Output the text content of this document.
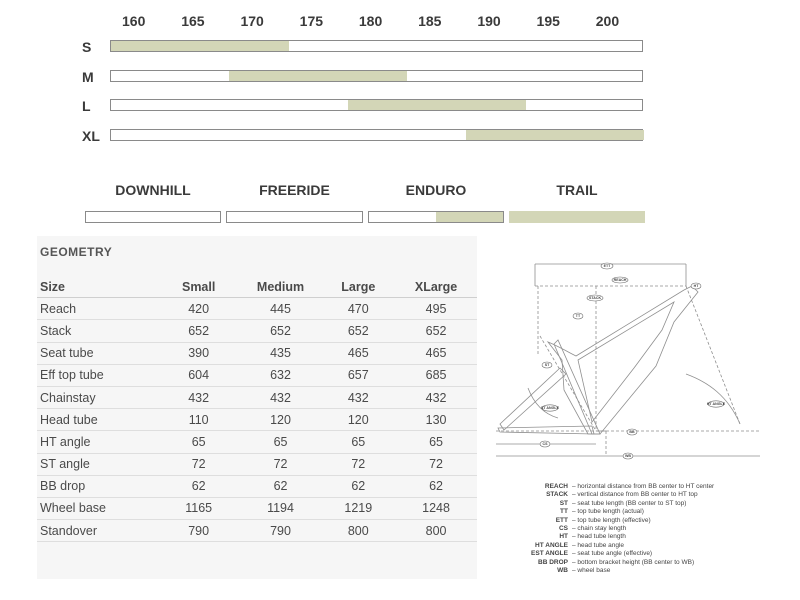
160	165	170	175	180	185	190	195	200
S
M
L
XL
DOWNHILL	FREERIDE	ENDURO	TRAIL
GEOMETRY
Size	Small	Medium	Large	XLarge
Reach	420	445	470	495
Stack	652	652	652	652
Seat tube	390	435	465	465
Eff top tube	604	632	657	685
Chainstay	432	432	432	432
Head tube	110	120	120	130
HT angle	65	65	65	65
ST angle	72	72	72	72
BB drop	62	62	62	62
Wheel base	1165	1194	1219	1248
Standover	790	790	800	800
ETT
REACH
STACK
TT
HT
ST
ST ANGLE
HT ANGLE
CS
BB
WB
REACH – horizontal distance from BB center to HT center
STACK – vertical distance from BB center to HT top
ST – seat tube length (BB center to ST top)
TT – top tube length (actual)
ETT – top tube length (effective)
CS – chain stay length
HT – head tube length
HT ANGLE – head tube angle
EST ANGLE – seat tube angle (effective)
BB DROP – bottom bracket height (BB center to WB)
WB – wheel base
